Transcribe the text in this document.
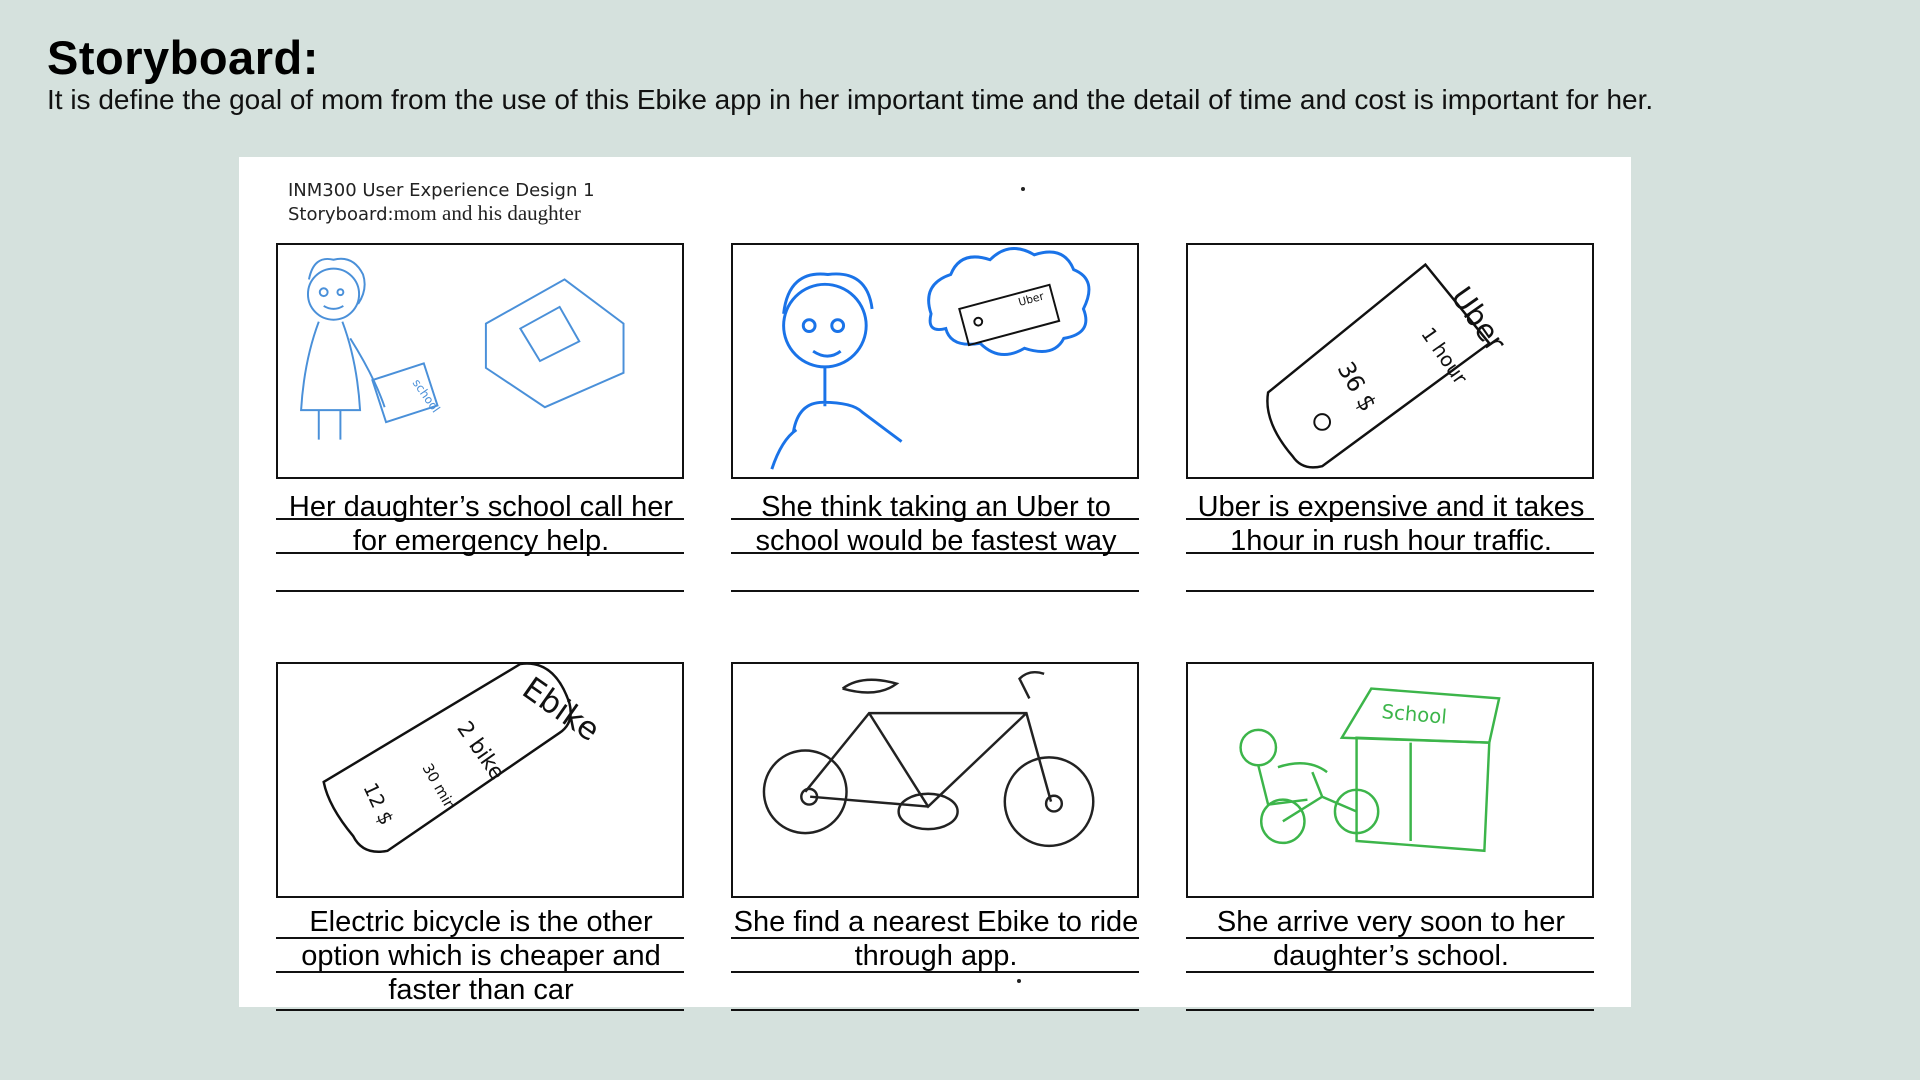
Storyboard:
It is define the goal of mom from the use of this Ebike app in her important time and the detail of time and cost is important for her.
INM300 User Experience Design 1
Storyboard:mom and his daughter
school
Uber	Uber
1 hour
36 $
Her daughter’s school call her for emergency help.
She think taking an Uber to school would be fastest way
Uber is expensive and it takes 1hour in rush hour traffic.
Ebike
2 bike
30 min
12 $
School
Electric bicycle is the other option which is cheaper and faster than car
She find a nearest Ebike to ride through app.
She arrive very soon to her daughter’s school.
